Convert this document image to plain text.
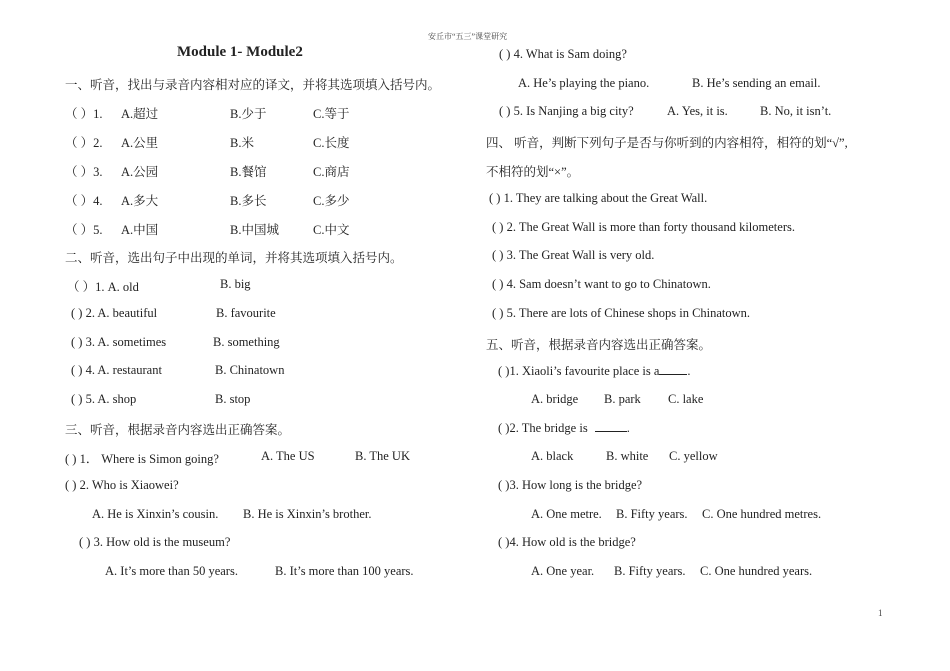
安丘市“五三”课堂研究
Module 1- Module2
一、听音，找出与录音内容相对应的译文，并将其选项填入括号内。
（ ）1. A.超过	B.少于	C.等于
（ ）2. A.公里	B.米	C.长度
（ ）3. A.公园	B.餐馆	C.商店
（ ）4. A.多大	B.多长	C.多少
（ ）5. A.中国	B.中国城	C.中文
二、听音，选出句子中出现的单词，并将其选项填入括号内。
（ ）1. A. old	B. big
( ) 2. A. beautiful	B. favourite
( ) 3. A. sometimes	B. something
( ) 4. A. restaurant	B. Chinatown
( ) 5. A. shop	B. stop
三、听音，根据录音内容选出正确答案。
( ) 1． Where is Simon going?	A. The US	B. The UK
( ) 2. Who is Xiaowei?
A. He is Xinxin’s cousin. B. He is Xinxin’s brother.
( ) 3. How old is the museum?
A. It’s more than 50 years.	B. It’s more than 100 years.
( ) 4. What is Sam doing?
A. He’s playing the piano.	B. He’s sending an email.
( ) 5. Is Nanjing a big city?	A. Yes, it is.	B. No, it isn’t.
四、 听音，判断下列句子是否与你听到的内容相符，相符的划“√”,
不相符的划“×”。
( ) 1. They are talking about the Great Wall.
( ) 2. The Great Wall is more than forty thousand kilometers.
( ) 3. The Great Wall is very old.
( ) 4. Sam doesn’t want to go to Chinatown.
( ) 5. There are lots of Chinese shops in Chinatown.
五、听音，根据录音内容选出正确答案。
( )1. Xiaoli’s favourite place is a .
A. bridge B. park C. lake
( )2. The bridge is	.
A. black	B. white C. yellow
( )3. How long is the bridge?
A. One metre. B. Fifty years. C. One hundred metres.
( )4. How old is the bridge?
A. One year. B. Fifty years. C. One hundred years.
1
